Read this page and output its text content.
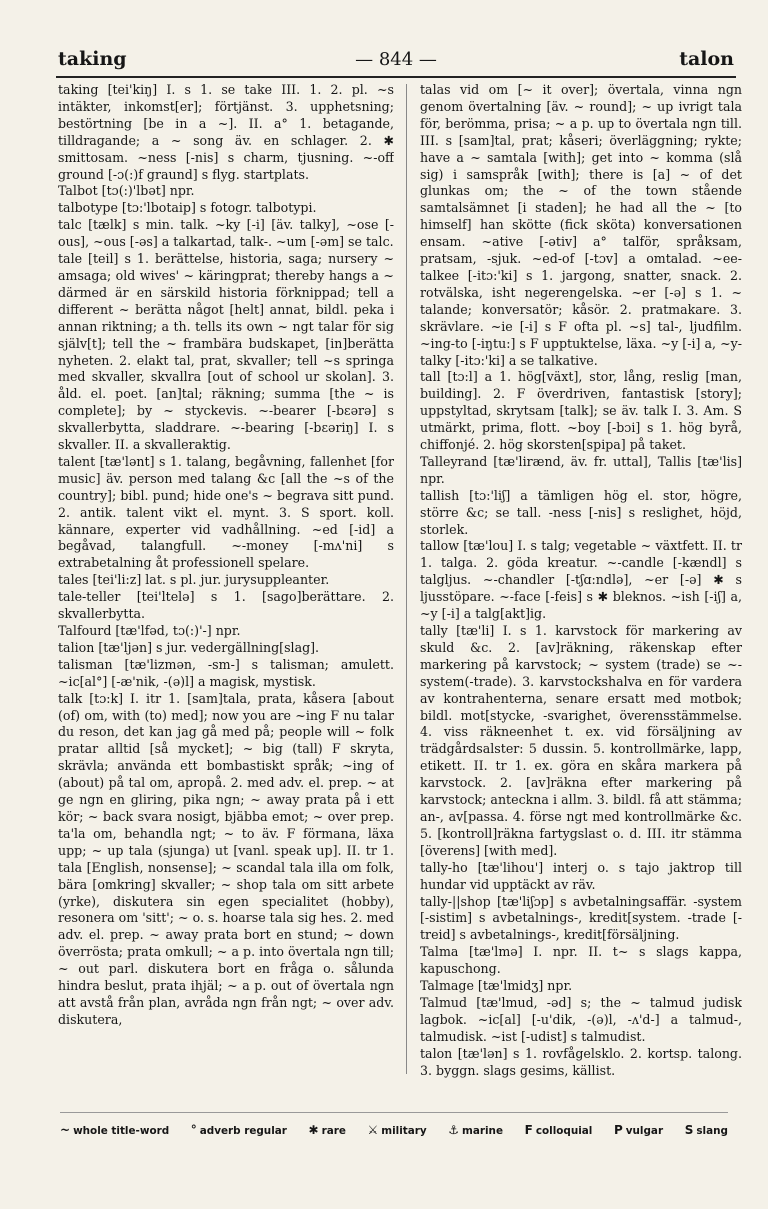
taking	— 844 —	talon

taking [tei'kiŋ] I. s 1. se take III. 1. 2. pl. ~s intäkter, inkomst[er]; förtjänst. 3. upphetsning; bestörtning [be in a ~]. II. a° 1. betagande, tilldragande; a ~ song äv. en schlager. 2. ✱ smittosam. ~ness [-nis] s charm, tjusning. ~-off ground [-ɔ(:)f graund] s flyg. startplats.

Talbot [tɔ(:)'lbət] npr.

talbotype [tɔ:'lbotaip] s fotogr. talbotypi.

talc [tælk] s min. talk. ~ky [-i] [äv. talky], ~ose [-ous], ~ous [-əs] a talkartad, talk-. ~um [-əm] se talc.

tale [teil] s 1. berättelse, historia, saga; nursery ~ amsaga; old wives' ~ käringprat; thereby hangs a ~ därmed är en särskild historia förknippad; tell a different ~ berätta något [helt] annat, bildl. peka i annan riktning; a th. tells its own ~ ngt talar för sig själv[t]; tell the ~ frambära budskapet, [in]berätta nyheten. 2. elakt tal, prat, skvaller; tell ~s springa med skvaller, skvallra [out of school ur skolan]. 3. åld. el. poet. [an]tal; räkning; summa [the ~ is complete]; by ~ styckevis. ~-bearer [-bɛərə] s skvallerbytta, sladdrare. ~-bearing [-bɛəriŋ] I. s skvaller. II. a skvalleraktig.

talent [tæ'lənt] s 1. talang, begåvning, fallenhet [for music] äv. person med talang &c [all the ~s of the country]; bibl. pund; hide one's ~ begrava sitt pund. 2. antik. talent vikt el. mynt. 3. S sport. koll. kännare, experter vid vadhållning. ~ed [-id] a begåvad, talangfull. ~-money [-mʌ'ni] s extrabetalning åt professionell spelare.

tales [tei'li:z] lat. s pl. jur. jurysuppleanter.

tale-teller [tei'ltelə] s 1. [sago]berättare. 2. skvallerbytta.

Talfourd [tæ'lfəd, tɔ(:)'-] npr.

talion [tæ'ljən] s jur. vedergällning[slag].

talisman [tæ'lizmən, -sm-] s talisman; amulett. ~ic[al°] [-æ'nik, -(ə)l] a magisk, mystisk.

talk [tɔ:k] I. itr 1. [sam]tala, prata, kåsera [about (of) om, with (to) med]; now you are ~ing F nu talar du reson, det kan jag gå med på; people will ~ folk pratar alltid [så mycket]; ~ big (tall) F skryta, skrävla; använda ett bombastiskt språk; ~ing of (about) på tal om, apropå. 2. med adv. el. prep. ~ at ge ngn en gliring, pika ngn; ~ away prata på i ett kör; ~ back svara nosigt, bjäbba emot; ~ over prep. ta'la om, behandla ngt; ~ to äv. F förmana, läxa upp; ~ up tala (sjunga) ut [vanl. speak up]. II. tr 1. tala [English, nonsense]; ~ scandal tala illa om folk, bära [omkring] skvaller; ~ shop tala om sitt arbete (yrke), diskutera sin egen specialitet (hobby), resonera om 'sitt'; ~ o. s. hoarse tala sig hes. 2. med adv. el. prep. ~ away prata bort en stund; ~ down överrösta; prata omkull; ~ a p. into övertala ngn till; ~ out parl. diskutera bort en fråga o. sålunda hindra beslut, prata ihjäl; ~ a p. out of övertala ngn att avstå från plan, avråda ngn från ngt; ~ over adv. diskutera,

talas vid om [~ it over]; övertala, vinna ngn genom övertalning [äv. ~ round]; ~ up ivrigt tala för, berömma, prisa; ~ a p. up to övertala ngn till. III. s [sam]tal, prat; kåseri; överläggning; rykte; have a ~ samtala [with]; get into ~ komma (slå sig) i samspråk [with]; there is [a] ~ of det glunkas om; the ~ of the town stående samtalsämnet [i staden]; he had all the ~ [to himself] han skötte (fick sköta) konversationen ensam. ~ative [-ətiv] a° talför, språksam, pratsam, -sjuk. ~ed-of [-tɔv] a omtalad. ~ee-talkee [-itɔ:'ki] s 1. jargong, snatter, snack. 2. rotvälska, isht negerengelska. ~er [-ə] s 1. ~ talande; konversatör; kåsör. 2. pratmakare. 3. skrävlare. ~ie [-i] s F ofta pl. ~s] tal-, ljudfilm. ~ing-to [-iŋtu:] s F upptuktelse, läxa. ~y [-i] a, ~y-talky [-itɔ:'ki] a se talkative.

tall [tɔ:l] a 1. hög[växt], stor, lång, reslig [man, building]. 2. F överdriven, fantastisk [story]; uppstyltad, skrytsam [talk]; se äv. talk I. 3. Am. S utmärkt, prima, flott. ~boy [-bɔi] s 1. hög byrå, chiffonjé. 2. hög skorsten[spipa] på taket.

Talleyrand [tæ'lirænd, äv. fr. uttal], Tallis [tæ'lis] npr.

tallish [tɔ:'liʃ] a tämligen hög el. stor, högre, större &c; se tall. -ness [-nis] s reslighet, höjd, storlek.

tallow [tæ'lou] I. s talg; vegetable ~ växtfett. II. tr 1. talga. 2. göda kreatur. ~-candle [-kændl] s talgljus. ~-chandler [-tʃɑ:ndlə], ~er [-ə] ✱ s ljusstöpare. ~-face [-feis] s ✱ bleknos. ~ish [-iʃ] a, ~y [-i] a talg[akt]ig.

tally [tæ'li] I. s 1. karvstock för markering av skuld &c. 2. [av]räkning, räkenskap efter markering på karvstock; ~ system (trade) se ~-system(-trade). 3. karvstockshalva en för vardera av kontrahenterna, senare ersatt med motbok; bildl. mot[stycke, -svarighet, överensstämmelse. 4. viss räkneenhet t. ex. vid försäljning av trädgårdsalster: 5 dussin. 5. kontrollmärke, lapp, etikett. II. tr 1. ex. göra en skåra markera på karvstock. 2. [av]räkna efter markering på karvstock; anteckna i allm. 3. bildl. få att stämma; an-, av[passa. 4. förse ngt med kontrollmärke &c. 5. [kontroll]räkna fartygslast o. d. III. itr stämma [överens] [with med].

tally-ho [tæ'lihou'] interj o. s tajo jaktrop till hundar vid upptäckt av räv.

tally-||shop [tæ'liʃɔp] s avbetalningsaffär. -system [-sistim] s avbetalnings-, kredit[system. -trade [-treid] s avbetalnings-, kredit[försäljning.

Talma [tæ'lmə] I. npr. II. t~ s slags kappa, kapuschong.

Talmage [tæ'lmidʒ] npr.

Talmud [tæ'lmud, -əd] s; the ~ talmud judisk lagbok. ~ic[al] [-u'dik, -(ə)l, -ʌ'd-] a talmud-, talmudisk. ~ist [-udist] s talmudist.

talon [tæ'lən] s 1. rovfågelsklo. 2. kortsp. talong. 3. byggn. slags gesims, källist.

~ whole title-word ° adverb regular ✱ rare ⚔ military ⚓ marine F colloquial P vulgar S slang
